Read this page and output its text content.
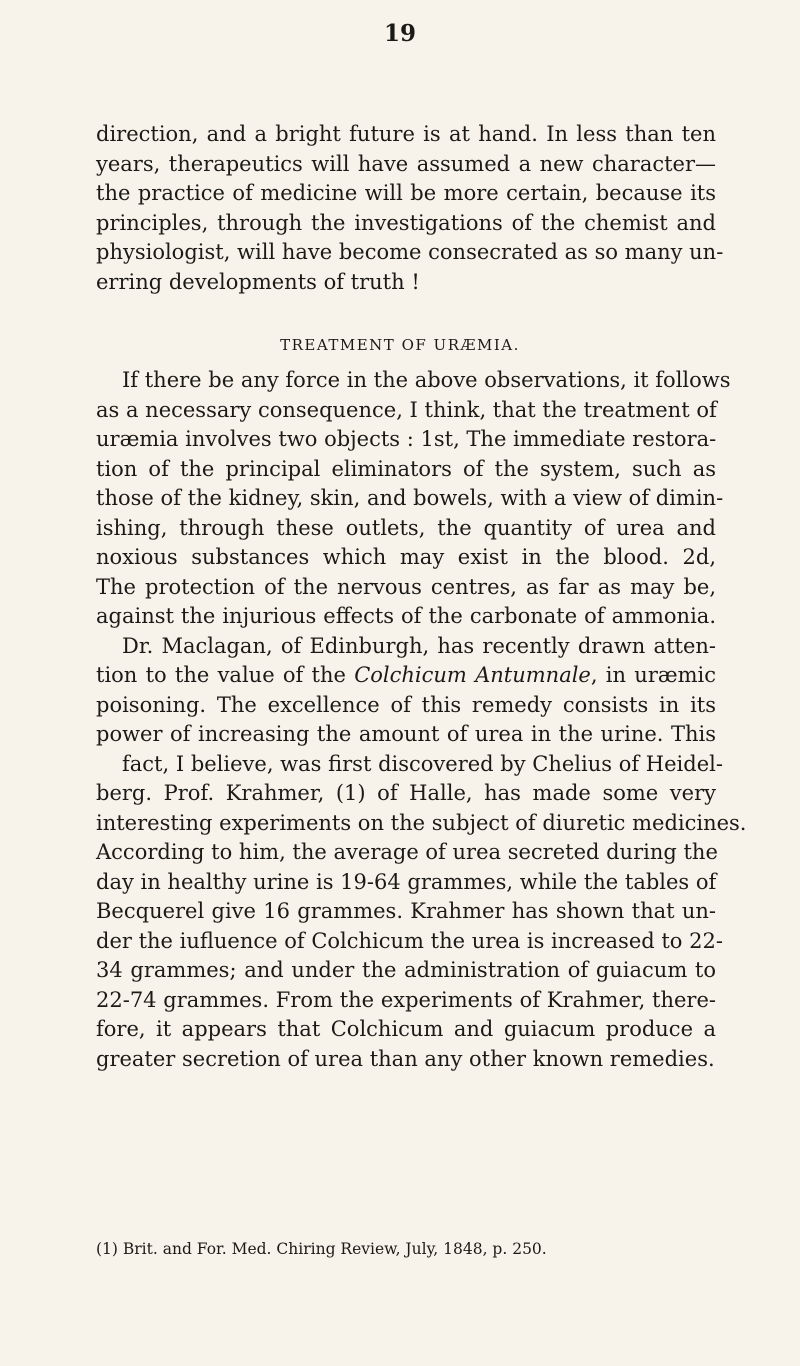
19
direction, and a bright future is at hand. In less than ten
years, therapeutics will have assumed a new character—
the practice of medicine will be more certain, because its
principles, through the investigations of the chemist and
physiologist, will have become consecrated as so many un-
erring developments of truth !
TREATMENT OF URÆMIA.
If there be any force in the above observations, it follows
as a necessary consequence, I think, that the treatment of
uræmia involves two objects : 1st, The immediate restora-
tion of the principal eliminators of the system, such as
those of the kidney, skin, and bowels, with a view of dimin-
ishing, through these outlets, the quantity of urea and
noxious substances which may exist in the blood. 2d,
The protection of the nervous centres, as far as may be,
against the injurious effects of the carbonate of ammonia.
Dr. Maclagan, of Edinburgh, has recently drawn atten-
tion to the value of the Colchicum Antumnale, in uræmic
poisoning. The excellence of this remedy consists in its
power of increasing the amount of urea in the urine. This
fact, I believe, was first discovered by Chelius of Heidel-
berg. Prof. Krahmer, (1) of Halle, has made some very
interesting experiments on the subject of diuretic medicines.
According to him, the average of urea secreted during the
day in healthy urine is 19-64 grammes, while the tables of
Becquerel give 16 grammes. Krahmer has shown that un-
der the iufluence of Colchicum the urea is increased to 22-
34 grammes; and under the administration of guiacum to
22-74 grammes. From the experiments of Krahmer, there-
fore, it appears that Colchicum and guiacum produce a
greater secretion of urea than any other known remedies.
(1) Brit. and For. Med. Chiring Review, July, 1848, p. 250.
